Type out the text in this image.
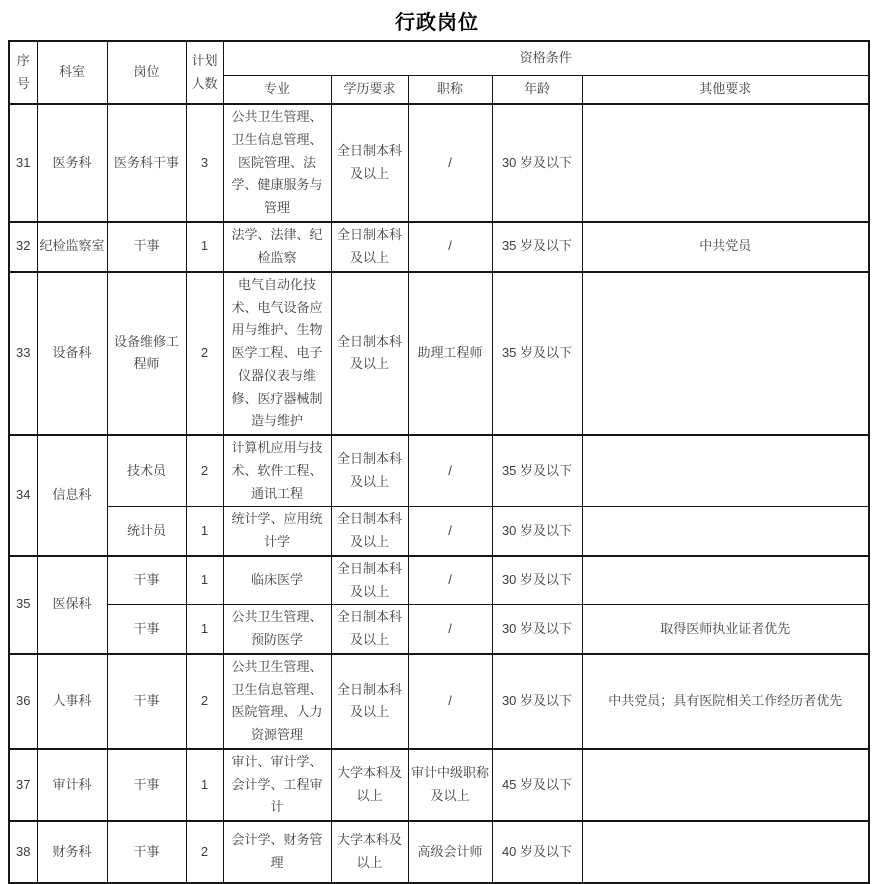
行政岗位
序号	科室	岗位	计划人数	资格条件				
				专业	学历要求	职称	年龄	其他要求
31	医务科	医务科干事	3	公共卫生管理、卫生信息管理、医院管理、法学、健康服务与管理	全日制本科及以上	/	30 岁及以下	
32	纪检监察室	干事	1	法学、法律、纪检监察	全日制本科及以上	/	35 岁及以下	中共党员
33	设备科	设备维修工程师	2	电气自动化技术、电气设备应用与维护、生物医学工程、电子仪器仪表与维修、医疗器械制造与维护	全日制本科及以上	助理工程师	35 岁及以下	
34	信息科	技术员	2	计算机应用与技术、软件工程、通讯工程	全日制本科及以上	/	35 岁及以下	
		统计员	1	统计学、应用统计学	全日制本科及以上	/	30 岁及以下	
35	医保科	干事	1	临床医学	全日制本科及以上	/	30 岁及以下	
		干事	1	公共卫生管理、预防医学	全日制本科及以上	/	30 岁及以下	取得医师执业证者优先
36	人事科	干事	2	公共卫生管理、卫生信息管理、医院管理、人力资源管理	全日制本科及以上	/	30 岁及以下	中共党员；具有医院相关工作经历者优先
37	审计科	干事	1	审计、审计学、会计学、工程审计	大学本科及以上	审计中级职称及以上	45 岁及以下	
38	财务科	干事	2	会计学、财务管理	大学本科及以上	高级会计师	40 岁及以下	
